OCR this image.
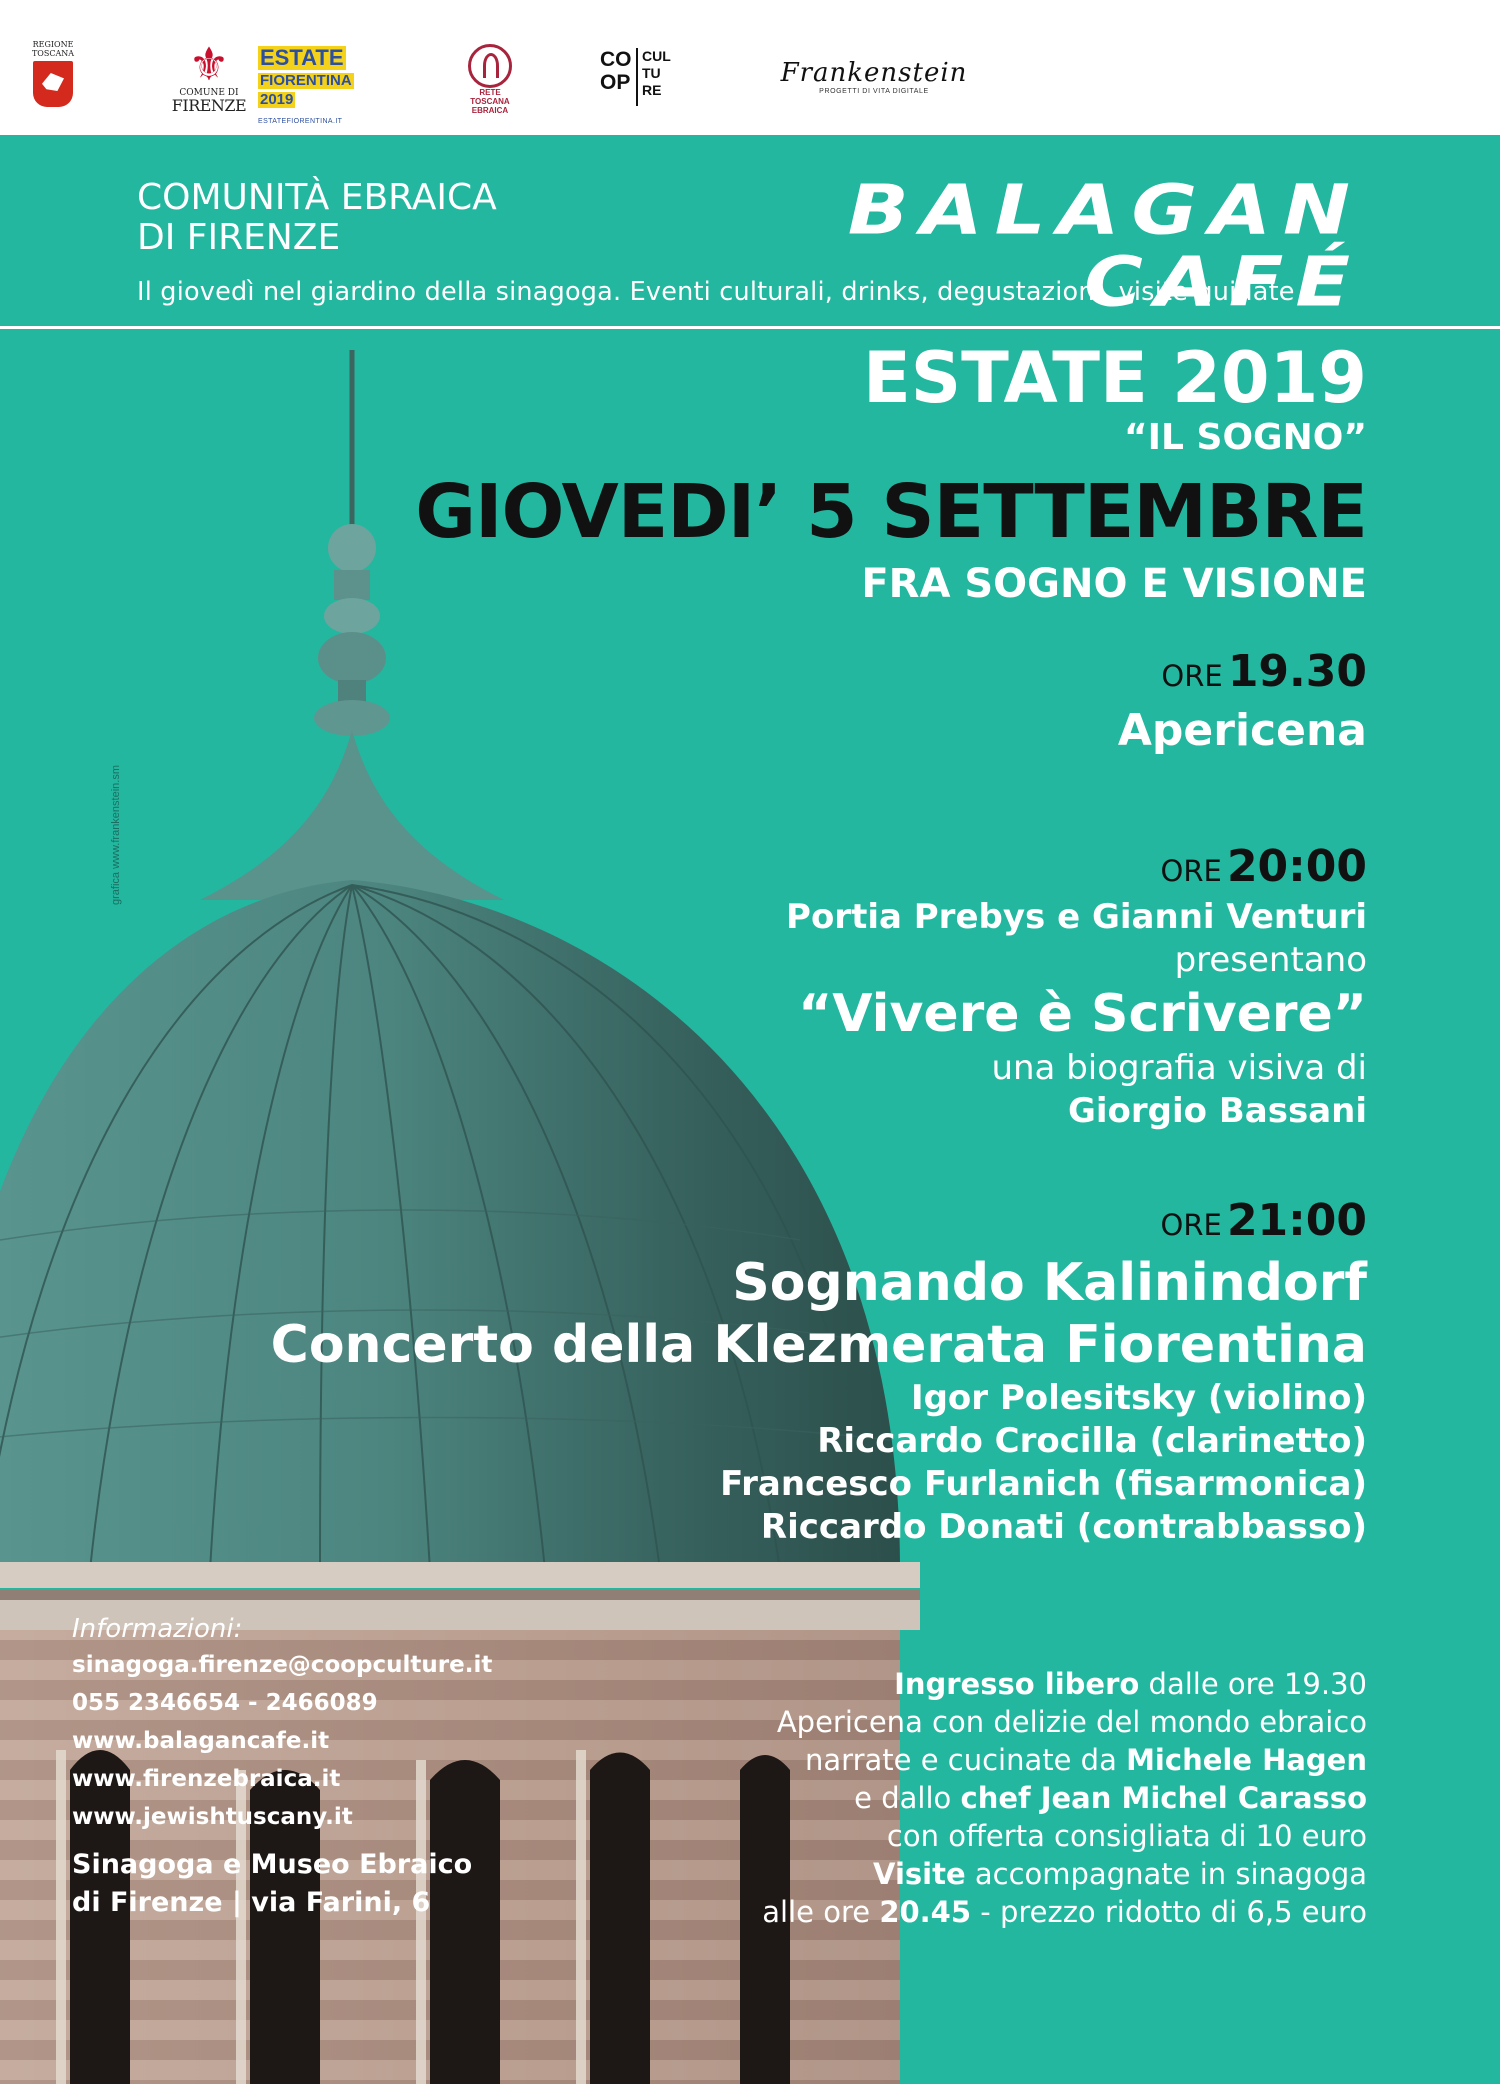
REGIONE TOSCANA	⚜
COMUNE DI
FIRENZE
ESTATE
FIORENTINA
2019
ESTATEFIORENTINA.IT
RETE
TOSCANA
EBRAICA
CO OP
CUL TU RE
Frankenstein
PROGETTI DI VITA DIGITALE
COMUNITÀ EBRAICA
DI FIRENZE	BALAGAN CAFÉ
Il giovedì nel giardino della sinagoga. Eventi culturali, drinks, degustazioni, visite guidate
grafica www.frankenstein.sm
ESTATE 2019
“IL SOGNO”
GIOVEDI’ 5 SETTEMBRE
FRA SOGNO E VISIONE
ORE 19.30
Apericena
ORE 20:00
Portia Prebys e Gianni Venturi
presentano
“Vivere è Scrivere”
una biografia visiva di
Giorgio Bassani
ORE 21:00
Sognando Kalinindorf
Concerto della Klezmerata Fiorentina
Igor Polesitsky (violino)
Riccardo Crocilla (clarinetto)
Francesco Furlanich (fisarmonica)
Riccardo Donati (contrabbasso)
Informazioni:
sinagoga.firenze@coopculture.it
055 2346654 - 2466089
www.balagancafe.it
www.firenzebraica.it
www.jewishtuscany.it
Sinagoga e Museo Ebraico
di Firenze | via Farini, 6
Ingresso libero dalle ore 19.30
Apericena con delizie del mondo ebraico
narrate e cucinate da Michele Hagen
e dallo chef Jean Michel Carasso
con offerta consigliata di 10 euro
Visite accompagnate in sinagoga
alle ore 20.45 - prezzo ridotto di 6,5 euro
